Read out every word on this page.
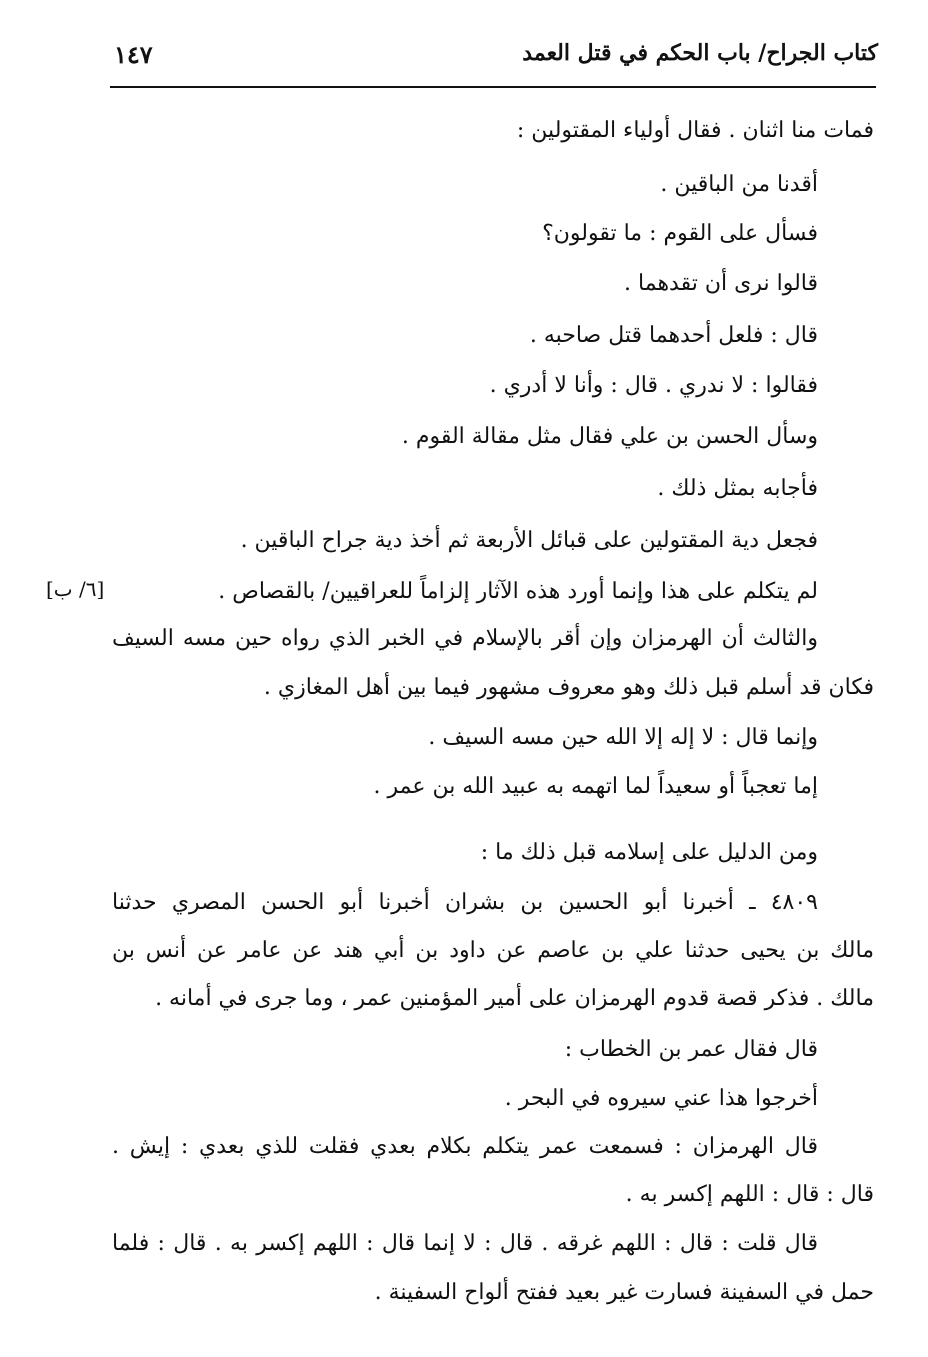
كتاب الجراح/ باب الحكم في قتل العمد
١٤٧
فمات منا اثنان . فقال أولياء المقتولين :
أقدنا من الباقين .
فسأل على القوم : ما تقولون؟
قالوا نرى أن تقدهما .
قال : فلعل أحدهما قتل صاحبه .
فقالوا : لا ندري . قال : وأنا لا أدري .
وسأل الحسن بن علي فقال مثل مقالة القوم .
فأجابه بمثل ذلك .
فجعل دية المقتولين على قبائل الأربعة ثم أخذ دية جراح الباقين .
لم يتكلم على هذا وإنما أورد هذه الآثار إلزاماً للعراقيين/ بالقصاص .
[٦/ ب]
والثالث أن الهرمزان وإن أقر بالإسلام في الخبر الذي رواه حين مسه السيف
فكان قد أسلم قبل ذلك وهو معروف مشهور فيما بين أهل المغازي .
وإنما قال : لا إله إلا الله حين مسه السيف .
إما تعجباً أو سعيداً لما اتهمه به عبيد الله بن عمر .
ومن الدليل على إسلامه قبل ذلك ما :
٤٨٠٩ ـ أخبرنا أبو الحسين بن بشران أخبرنا أبو الحسن المصري حدثنا
مالك بن يحيى حدثنا علي بن عاصم عن داود بن أبي هند عن عامر عن أنس بن
مالك . فذكر قصة قدوم الهرمزان على أمير المؤمنين عمر ، وما جرى في أمانه .
قال فقال عمر بن الخطاب :
أخرجوا هذا عني سيروه في البحر .
قال الهرمزان : فسمعت عمر يتكلم بكلام بعدي فقلت للذي بعدي : إيش .
قال : قال : اللهم إكسر به .
قال قلت : قال : اللهم غرقه . قال : لا إنما قال : اللهم إكسر به . قال : فلما
حمل في السفينة فسارت غير بعيد ففتح ألواح السفينة .
